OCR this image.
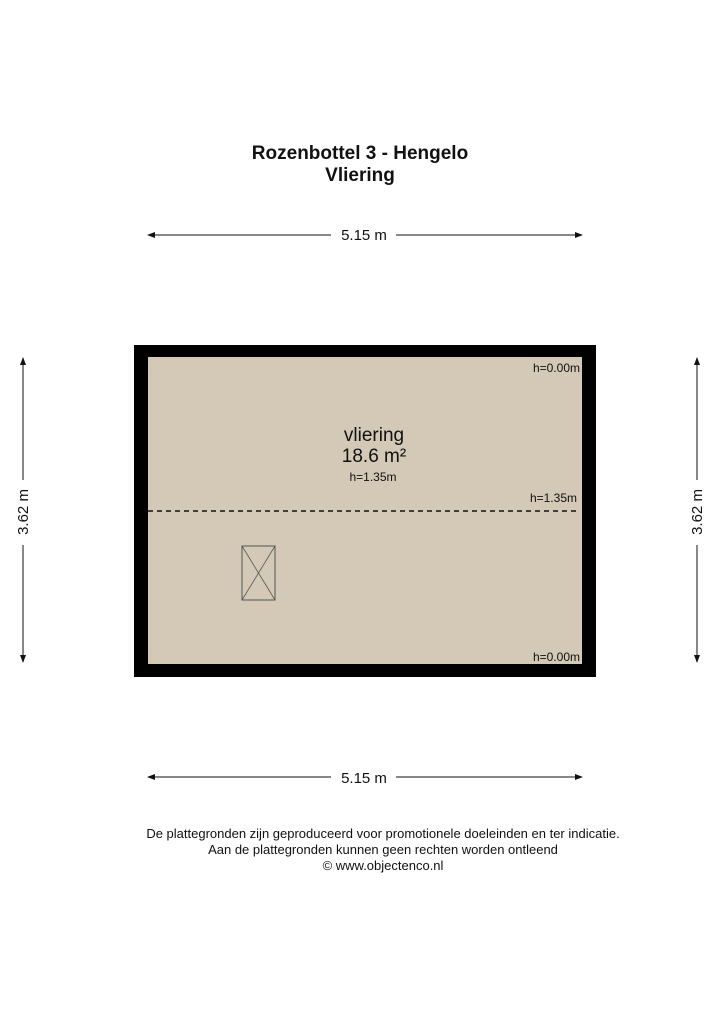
Rozenbottel 3 - Hengelo
Vliering
5.15 m
5.15 m
3.62 m	3.62 m
vliering
18.6 m²
h=1.35m
h=0.00m
h=1.35m
h=0.00m
De plattegronden zijn geproduceerd voor promotionele doeleinden en ter indicatie.
Aan de plattegronden kunnen geen rechten worden ontleend
© www.objectenco.nl
